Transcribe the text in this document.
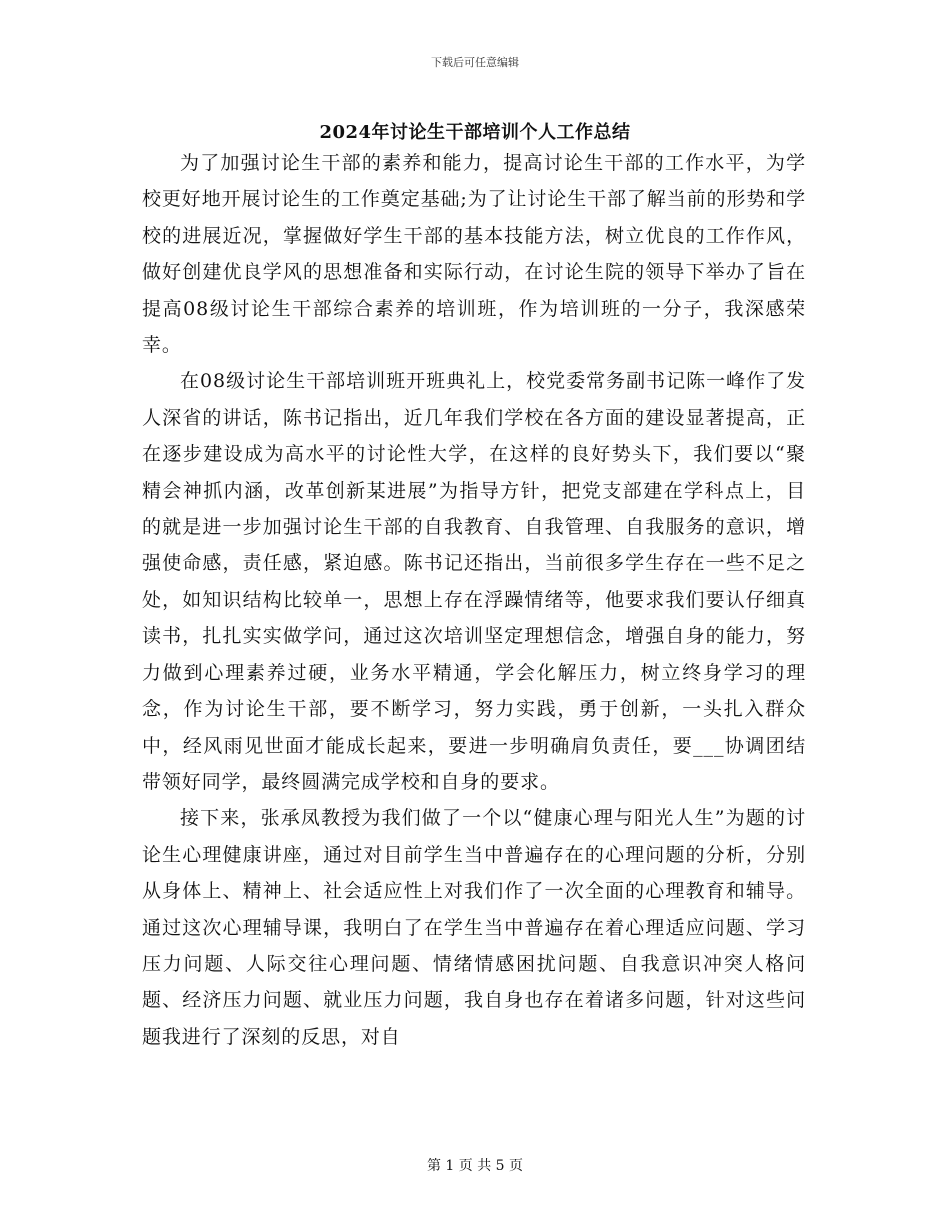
下载后可任意编辑
2024年讨论生干部培训个人工作总结

为了加强讨论生干部的素养和能力，提高讨论生干部的工作水平，为学校更好地开展讨论生的工作奠定基础;为了让讨论生干部了解当前的形势和学校的进展近况，掌握做好学生干部的基本技能方法，树立优良的工作作风，做好创建优良学风的思想准备和实际行动，在讨论生院的领导下举办了旨在提高08级讨论生干部综合素养的培训班，作为培训班的一分子，我深感荣幸。

在08级讨论生干部培训班开班典礼上，校党委常务副书记陈一峰作了发人深省的讲话，陈书记指出，近几年我们学校在各方面的建设显著提高，正在逐步建设成为高水平的讨论性大学，在这样的良好势头下，我们要以“聚精会神抓内涵，改革创新某进展”为指导方针，把党支部建在学科点上，目的就是进一步加强讨论生干部的自我教育、自我管理、自我服务的意识，增强使命感，责任感，紧迫感。陈书记还指出，当前很多学生存在一些不足之处，如知识结构比较单一，思想上存在浮躁情绪等，他要求我们要认仔细真读书，扎扎实实做学问，通过这次培训坚定理想信念，增强自身的能力，努力做到心理素养过硬，业务水平精通，学会化解压力，树立终身学习的理念，作为讨论生干部，要不断学习，努力实践，勇于创新，一头扎入群众中，经风雨见世面才能成长起来，要进一步明确肩负责任，要___协调团结带领好同学，最终圆满完成学校和自身的要求。

接下来，张承凤教授为我们做了一个以“健康心理与阳光人生”为题的讨论生心理健康讲座，通过对目前学生当中普遍存在的心理问题的分析，分别从身体上、精神上、社会适应性上对我们作了一次全面的心理教育和辅导。通过这次心理辅导课，我明白了在学生当中普遍存在着心理适应问题、学习压力问题、人际交往心理问题、情绪情感困扰问题、自我意识冲突人格问题、经济压力问题、就业压力问题，我自身也存在着诸多问题，针对这些问题我进行了深刻的反思，对自

第 1 页 共 5 页
